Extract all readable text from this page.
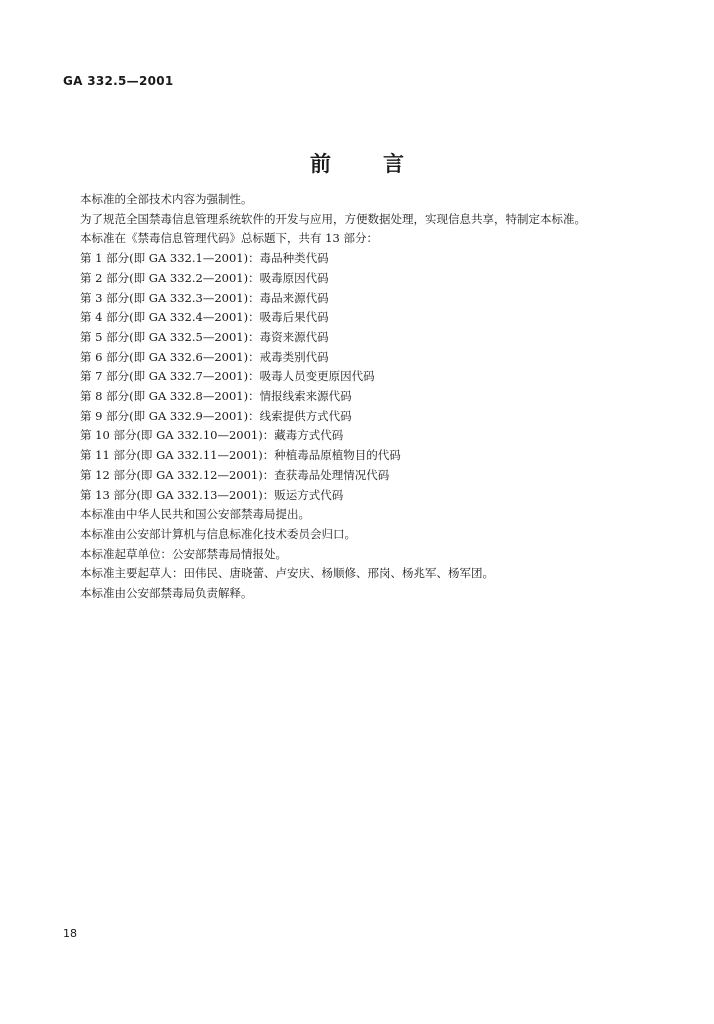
GA 332.5—2001
前 言
本标准的全部技术内容为强制性。
为了规范全国禁毒信息管理系统软件的开发与应用，方便数据处理，实现信息共享，特制定本标准。
本标准在《禁毒信息管理代码》总标题下，共有 13 部分：
第 1 部分(即 GA 332.1—2001)：毒品种类代码
第 2 部分(即 GA 332.2—2001)：吸毒原因代码
第 3 部分(即 GA 332.3—2001)：毒品来源代码
第 4 部分(即 GA 332.4—2001)：吸毒后果代码
第 5 部分(即 GA 332.5—2001)：毒资来源代码
第 6 部分(即 GA 332.6—2001)：戒毒类别代码
第 7 部分(即 GA 332.7—2001)：吸毒人员变更原因代码
第 8 部分(即 GA 332.8—2001)：情报线索来源代码
第 9 部分(即 GA 332.9—2001)：线索提供方式代码
第 10 部分(即 GA 332.10—2001)：藏毒方式代码
第 11 部分(即 GA 332.11—2001)：种植毒品原植物目的代码
第 12 部分(即 GA 332.12—2001)：查获毒品处理情况代码
第 13 部分(即 GA 332.13—2001)：贩运方式代码
本标准由中华人民共和国公安部禁毒局提出。
本标准由公安部计算机与信息标准化技术委员会归口。
本标准起草单位：公安部禁毒局情报处。
本标准主要起草人：田伟民、唐晓蕾、卢安庆、杨顺修、邢岗、杨兆军、杨军团。
本标准由公安部禁毒局负责解释。
18
